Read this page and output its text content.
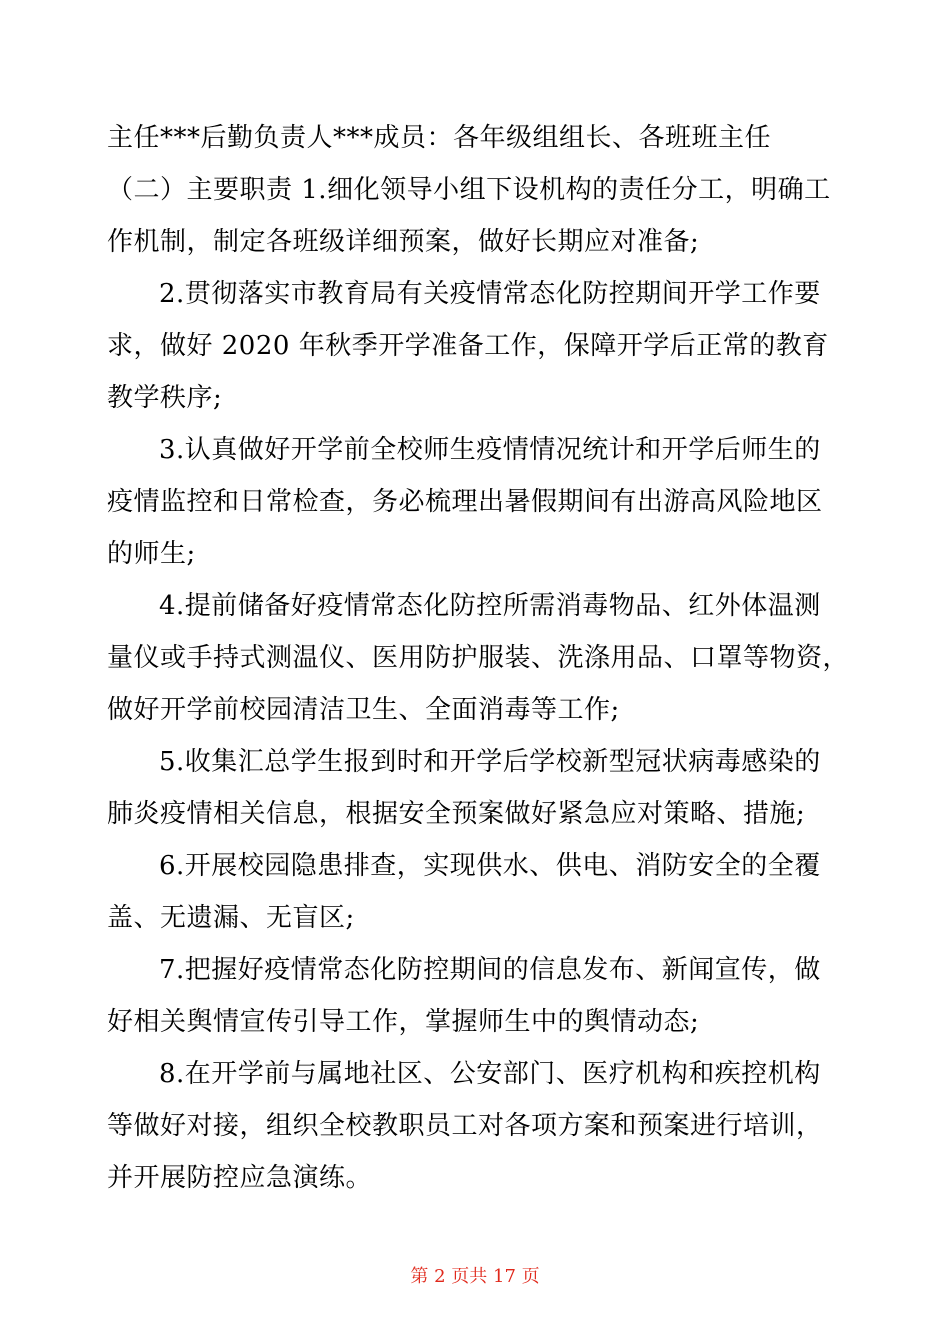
主任***后勤负责人***成员：各年级组组长、各班班主任
（二）主要职责 1.细化领导小组下设机构的责任分工，明确工
作机制，制定各班级详细预案，做好长期应对准备;
2.贯彻落实市教育局有关疫情常态化防控期间开学工作要
求，做好 2020 年秋季开学准备工作，保障开学后正常的教育
教学秩序;
3.认真做好开学前全校师生疫情情况统计和开学后师生的
疫情监控和日常检查，务必梳理出暑假期间有出游高风险地区
的师生;
4.提前储备好疫情常态化防控所需消毒物品、红外体温测
量仪或手持式测温仪、医用防护服装、洗涤用品、口罩等物资，
做好开学前校园清洁卫生、全面消毒等工作;
5.收集汇总学生报到时和开学后学校新型冠状病毒感染的
肺炎疫情相关信息，根据安全预案做好紧急应对策略、措施;
6.开展校园隐患排查，实现供水、供电、消防安全的全覆
盖、无遗漏、无盲区;
7.把握好疫情常态化防控期间的信息发布、新闻宣传，做
好相关舆情宣传引导工作，掌握师生中的舆情动态;
8.在开学前与属地社区、公安部门、医疗机构和疾控机构
等做好对接，组织全校教职员工对各项方案和预案进行培训，
并开展防控应急演练。
第 2 页共 17 页
